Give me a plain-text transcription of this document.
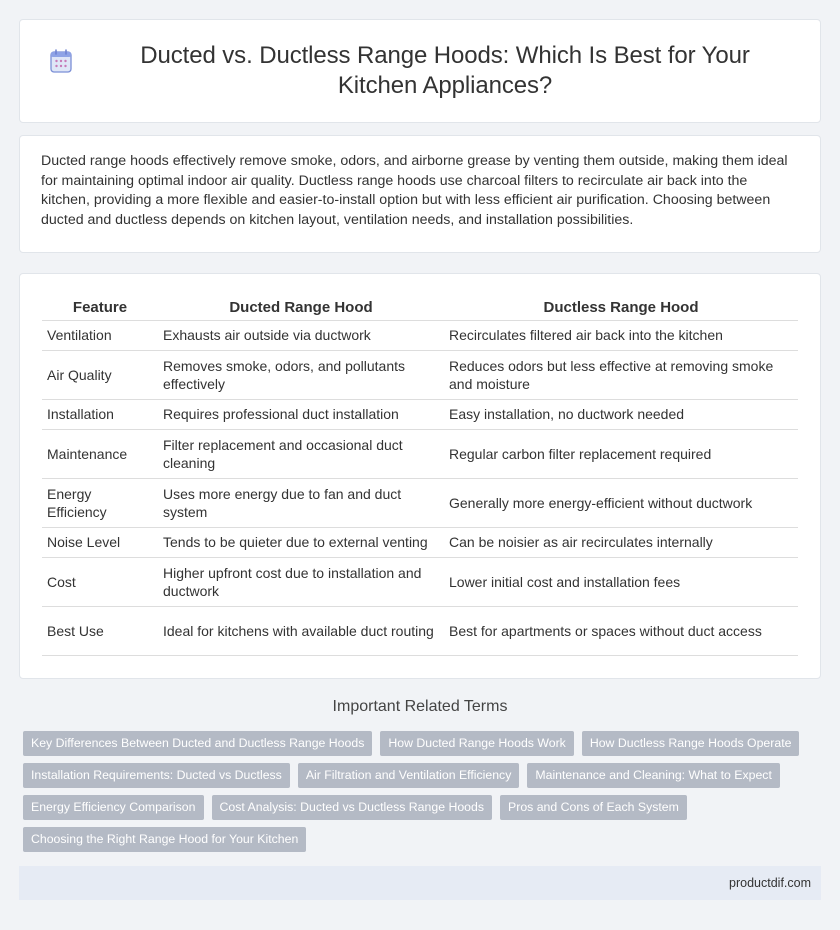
Ducted vs. Ductless Range Hoods: Which Is Best for Your Kitchen Appliances?

Ducted range hoods effectively remove smoke, odors, and airborne grease by venting them outside, making them ideal for maintaining optimal indoor air quality. Ductless range hoods use charcoal filters to recirculate air back into the kitchen, providing a more flexible and easier-to-install option but with less efficient air purification. Choosing between ducted and ductless depends on kitchen layout, ventilation needs, and installation possibilities.

Feature	Ducted Range Hood	Ductless Range Hood
Ventilation	Exhausts air outside via ductwork	Recirculates filtered air back into the kitchen
Air Quality	Removes smoke, odors, and pollutants effectively	Reduces odors but less effective at removing smoke and moisture
Installation	Requires professional duct installation	Easy installation, no ductwork needed
Maintenance	Filter replacement and occasional duct cleaning	Regular carbon filter replacement required
Energy Efficiency	Uses more energy due to fan and duct system	Generally more energy-efficient without ductwork
Noise Level	Tends to be quieter due to external venting	Can be noisier as air recirculates internally
Cost	Higher upfront cost due to installation and ductwork	Lower initial cost and installation fees
Best Use	Ideal for kitchens with available duct routing	Best for apartments or spaces without duct access
Important Related Terms
Key Differences Between Ducted and Ductless Range Hoods	How Ducted Range Hoods Work	How Ductless Range Hoods Operate
Installation Requirements: Ducted vs Ductless	Air Filtration and Ventilation Efficiency	Maintenance and Cleaning: What to Expect
Energy Efficiency Comparison	Cost Analysis: Ducted vs Ductless Range Hoods	Pros and Cons of Each System
Choosing the Right Range Hood for Your Kitchen
productdif.com
